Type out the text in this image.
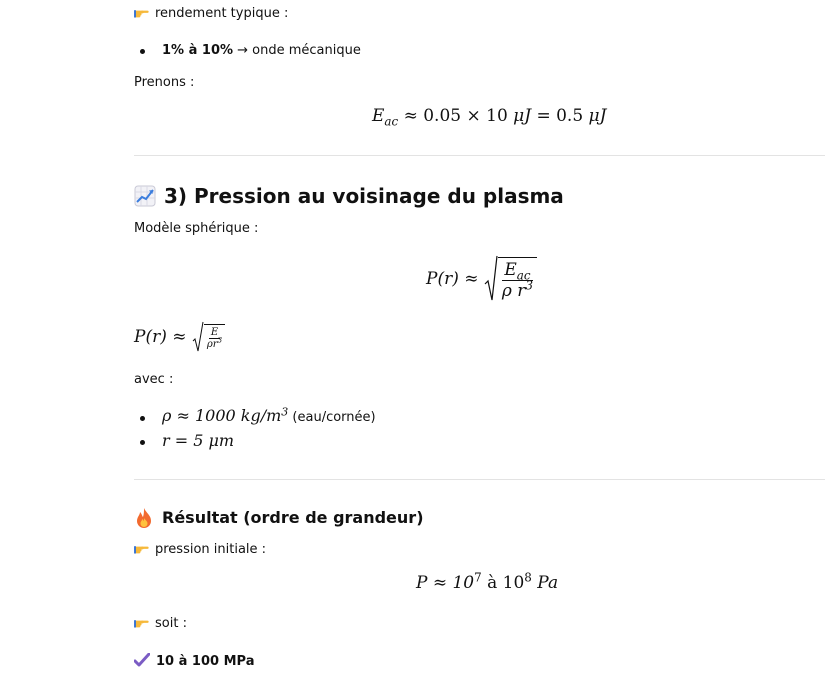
rendement typique :
1% à 10% → onde mécanique
Prenons :
$E_{ac} \approx 0.05 \times 10$ μJ = 0.5 μJ
3) Pression au voisinage du plasma
Modèle sphérique :
$P(r) \approx \frac{E_{ac}}{\rho r^3}$
$P(r) \approx \frac{E}{\rho r^3}$
avec :
ρ ≈ 1000 $kg/m^3$ (eau/cornée)
r = 5 μm
Résultat (ordre de grandeur)
pression initiale :
$P \approx 10^7$ à $10^8$ Pa
soit :
10 à 100 MPa
